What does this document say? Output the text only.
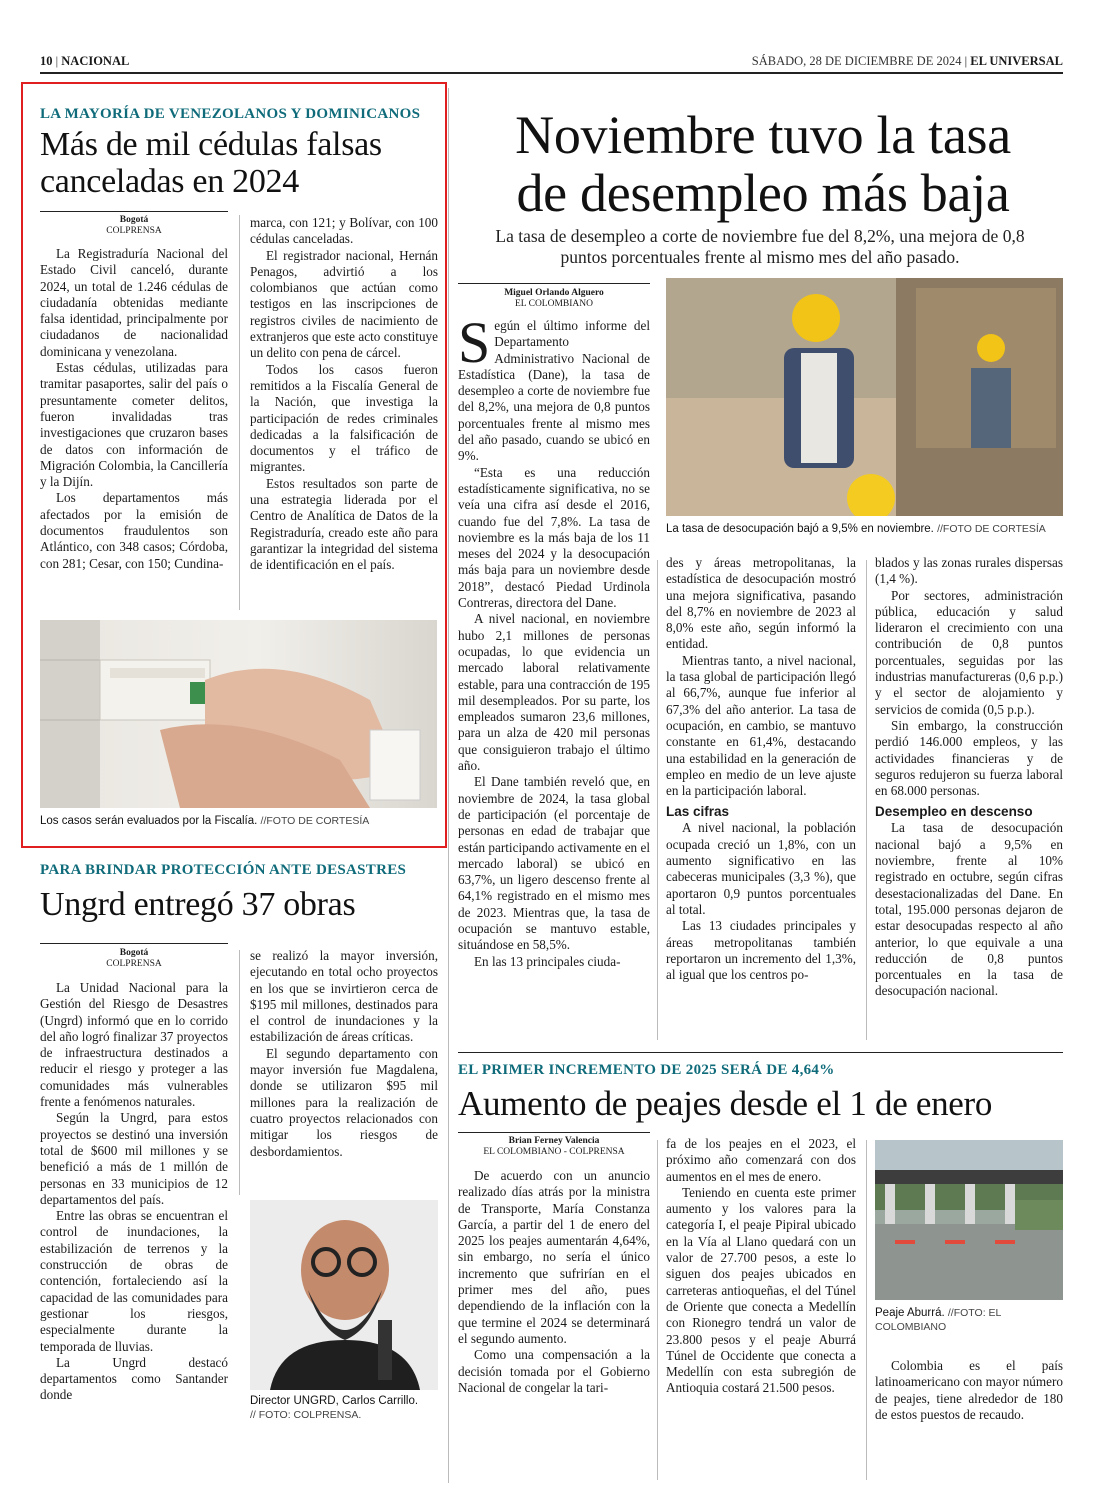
10 | NACIONAL	SÁBADO, 28 DE DICIEMBRE DE 2024 | EL UNIVERSAL
LA MAYORÍA DE VENEZOLANOS Y DOMINICANOS
Más de mil cédulas falsas
canceladas en 2024
Bogotá
COLPRENSA

La Registraduría Nacional del Estado Civil canceló, durante 2024, un total de 1.246 cédulas de ciudadanía obtenidas mediante falsa identidad, principalmente por ciudadanos de nacionalidad dominicana y venezolana.

Estas cédulas, utilizadas para tramitar pasaportes, salir del país o presuntamente cometer delitos, fueron invalidadas tras investigaciones que cruzaron bases de datos con información de Migración Colombia, la Cancillería y la Dijín.

Los departamentos más afectados por la emisión de documentos fraudulentos son Atlántico, con 348 casos; Córdoba, con 281; Cesar, con 150; Cundina-

marca, con 121; y Bolívar, con 100 cédulas canceladas.

El registrador nacional, Hernán Penagos, advirtió a los colombianos que actúan como testigos en las inscripciones de registros civiles de nacimiento de extranjeros que este acto constituye un delito con pena de cárcel.

Todos los casos fueron remitidos a la Fiscalía General de la Nación, que investiga la participación de redes criminales dedicadas a la falsificación de documentos y el tráfico de migrantes.

Estos resultados son parte de una estrategia liderada por el Centro de Analítica de Datos de la Registraduría, creado este año para garantizar la integridad del sistema de identificación en el país.

Los casos serán evaluados por la Fiscalía. //FOTO DE CORTESÍA
Noviembre tuvo la tasa
de desempleo más baja
La tasa de desempleo a corte de noviembre fue del 8,2%, una mejora de 0,8 puntos porcentuales frente al mismo mes del año pasado.
Miguel Orlando Alguero
EL COLOMBIANO
S egún el último informe del Departamento Administrativo Nacional de Estadística (Dane), la tasa de desempleo a corte de noviembre fue del 8,2%, una mejora de 0,8 puntos porcentuales frente al mismo mes del año pasado, cuando se ubicó en 9%.

“Esta es una reducción estadísticamente significativa, no se veía una cifra así desde el 2016, cuando fue del 7,8%. La tasa de noviembre es la más baja de los 11 meses del 2024 y la desocupación más baja para un noviembre desde 2018”, destacó Piedad Urdinola Contreras, directora del Dane.

A nivel nacional, en noviembre hubo 2,1 millones de personas ocupadas, lo que evidencia un mercado laboral relativamente estable, para una contracción de 195 mil desempleados. Por su parte, los empleados sumaron 23,6 millones, para un alza de 420 mil personas que consiguieron trabajo el último año.

El Dane también reveló que, en noviembre de 2024, la tasa global de participación (el porcentaje de personas en edad de trabajar que están participando activamente en el mercado laboral) se ubicó en 63,7%, un ligero descenso frente al 64,1% registrado en el mismo mes de 2023. Mientras que, la tasa de ocupación se mantuvo estable, situándose en 58,5%.

En las 13 principales ciuda-

La tasa de desocupación bajó a 9,5% en noviembre. //FOTO DE CORTESÍA

des y áreas metropolitanas, la estadística de desocupación mostró una mejora significativa, pasando del 8,7% en noviembre de 2023 al 8,0% este año, según informó la entidad.

Mientras tanto, a nivel nacional, la tasa global de participación llegó al 66,7%, aunque fue inferior al 67,3% del año anterior. La tasa de ocupación, en cambio, se mantuvo constante en 61,4%, destacando una estabilidad en la generación de empleo en medio de un leve ajuste en la participación laboral.

Las cifras

A nivel nacional, la población ocupada creció un 1,8%, con un aumento significativo en las cabeceras municipales (3,3 %), que aportaron 0,9 puntos porcentuales al total.

Las 13 ciudades principales y áreas metropolitanas también reportaron un incremento del 1,3%, al igual que los centros po-

blados y las zonas rurales dispersas (1,4 %).

Por sectores, administración pública, educación y salud lideraron el crecimiento con una contribución de 0,8 puntos porcentuales, seguidas por las industrias manufactureras (0,6 p.p.) y el sector de alojamiento y servicios de comida (0,5 p.p.).

Sin embargo, la construcción perdió 146.000 empleos, y las actividades financieras y de seguros redujeron su fuerza laboral en 68.000 personas.

Desempleo en descenso

La tasa de desocupación nacional bajó a 9,5% en noviembre, frente al 10% registrado en octubre, según cifras desestacionalizadas del Dane. En total, 195.000 personas dejaron de estar desocupadas respecto al año anterior, lo que equivale a una reducción de 0,8 puntos porcentuales en la tasa de desocupación nacional.

PARA BRINDAR PROTECCIÓN ANTE DESASTRES
Ungrd entregó 37 obras
Bogotá
COLPRENSA

La Unidad Nacional para la Gestión del Riesgo de Desastres (Ungrd) informó que en lo corrido del año logró finalizar 37 proyectos de infraestructura destinados a reducir el riesgo y proteger a las comunidades más vulnerables frente a fenómenos naturales.

Según la Ungrd, para estos proyectos se destinó una inversión total de $600 mil millones y se benefició a más de 1 millón de personas en 33 municipios de 12 departamentos del país.

Entre las obras se encuentran el control de inundaciones, la estabilización de terrenos y la construcción de obras de contención, fortaleciendo así la capacidad de las comunidades para gestionar los riesgos, especialmente durante la temporada de lluvias.

La Ungrd destacó departamentos como Santander donde

se realizó la mayor inversión, ejecutando en total ocho proyectos en los que se invirtieron cerca de $195 mil millones, destinados para el control de inundaciones y la estabilización de áreas críticas.

El segundo departamento con mayor inversión fue Magdalena, donde se utilizaron $95 mil millones para la realización de cuatro proyectos relacionados con mitigar los riesgos de desbordamientos.

Director UNGRD, Carlos Carrillo.
// FOTO: COLPRENSA.
EL PRIMER INCREMENTO DE 2025 SERÁ DE 4,64%
Aumento de peajes desde el 1 de enero
Brian Ferney Valencia
EL COLOMBIANO - COLPRENSA

De acuerdo con un anuncio realizado días atrás por la ministra de Transporte, María Constanza García, a partir del 1 de enero del 2025 los peajes aumentarán 4,64%, sin embargo, no sería el único incremento que sufrirían en el primer mes del año, pues dependiendo de la inflación con la que termine el 2024 se determinará el segundo aumento.

Como una compensación a la decisión tomada por el Gobierno Nacional de congelar la tari-

fa de los peajes en el 2023, el próximo año comenzará con dos aumentos en el mes de enero.

Teniendo en cuenta este primer aumento y los valores para la categoría I, el peaje Pipiral ubicado en la Vía al Llano quedará con un valor de 27.700 pesos, a este lo siguen dos peajes ubicados en carreteras antioqueñas, el del Túnel de Oriente que conecta a Medellín con Rionegro tendrá un valor de 23.800 pesos y el peaje Aburrá Túnel de Occidente que conecta a Medellín con esta subregión de Antioquia costará 21.500 pesos.

Peaje Aburrá. //FOTO: EL COLOMBIANO

Colombia es el país latinoamericano con mayor número de peajes, tiene alrededor de 180 de estos puestos de recaudo.
